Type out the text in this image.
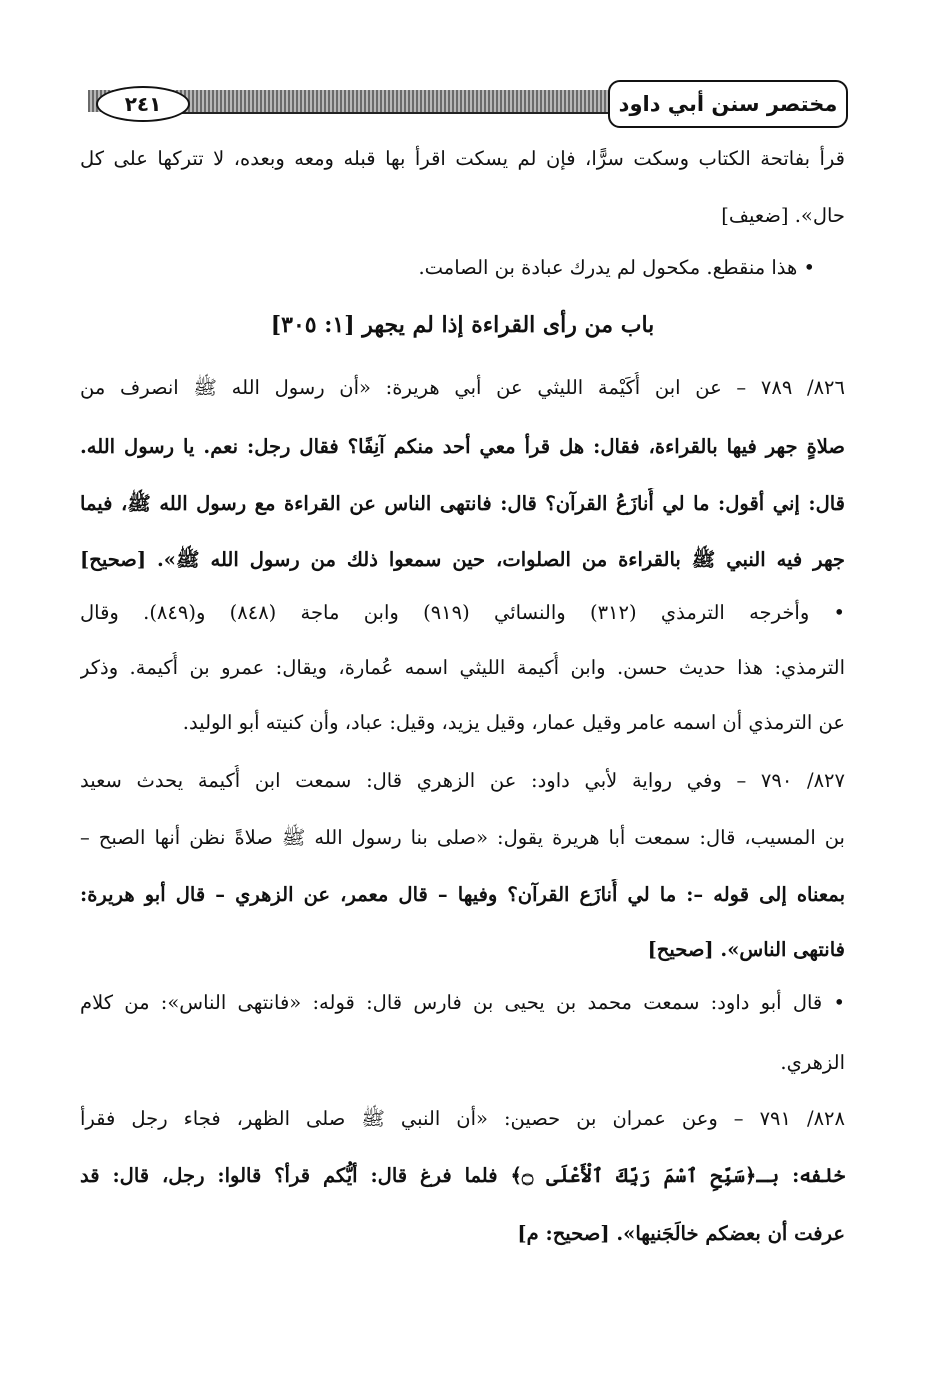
٢٤١	مختصر سنن أبي داود
قرأ بفاتحة الكتاب وسكت سرًّا، فإن لم يسكت اقرأ بها قبله ومعه وبعده، لا تتركها على كل
حال». [ضعيف]
• هذا منقطع. مكحول لم يدرك عبادة بن الصامت.
باب من رأى القراءة إذا لم يجهر [١: ٣٠٥]
٨٢٦/ ٧٨٩ – عن ابن أُكَيْمة الليثي عن أبي هريرة: «أن رسول الله ﷺ انصرف من
صلاةٍ جهر فيها بالقراءة، فقال: هل قرأ معي أحد منكم آنِفًا؟ فقال رجل: نعم. يا رسول الله.
قال: إني أقول: ما لي أُنازَعُ القرآن؟ قال: فانتهى الناس عن القراءة مع رسول الله ﷺ، فيما
جهر فيه النبي ﷺ بالقراءة من الصلوات، حين سمعوا ذلك من رسول الله ﷺ». [صحيح]
• وأخرجه الترمذي (٣١٢) والنسائي (٩١٩) وابن ماجة (٨٤٨) و(٨٤٩). وقال
الترمذي: هذا حديث حسن. وابن أُكيمة الليثي اسمه عُمارة، ويقال: عمرو بن أُكيمة. وذكر
عن الترمذي أن اسمه عامر وقيل عمار، وقيل يزيد، وقيل: عباد، وأن كنيته أبو الوليد.
٨٢٧/ ٧٩٠ – وفي رواية لأبي داود: عن الزهري قال: سمعت ابن أُكيمة يحدث سعيد
بن المسيب، قال: سمعت أبا هريرة يقول: «صلى بنا رسول الله ﷺ صلاةً نظن أنها الصبح –
بمعناه إلى قوله –: ما لي أُنازَع القرآن؟ وفيها – قال معمر، عن الزهري – قال أبو هريرة:
فانتهى الناس». [صحيح]
• قال أبو داود: سمعت محمد بن يحيى بن فارس قال: قوله: «فانتهى الناس»: من كلام
الزهري.
٨٢٨/ ٧٩١ – وعن عمران بن حصين: «أن النبي ﷺ صلى الظهر، فجاء رجل فقرأ
خلفه: بـ﴿سَبِّحِ ٱسْمَ رَبِّكَ ٱلْأَعْلَى ۝﴾ فلما فرغ قال: أيُّكم قرأ؟ قالوا: رجل، قال: قد
عرفت أن بعضكم خالَجَنيها». [صحيح: م]
